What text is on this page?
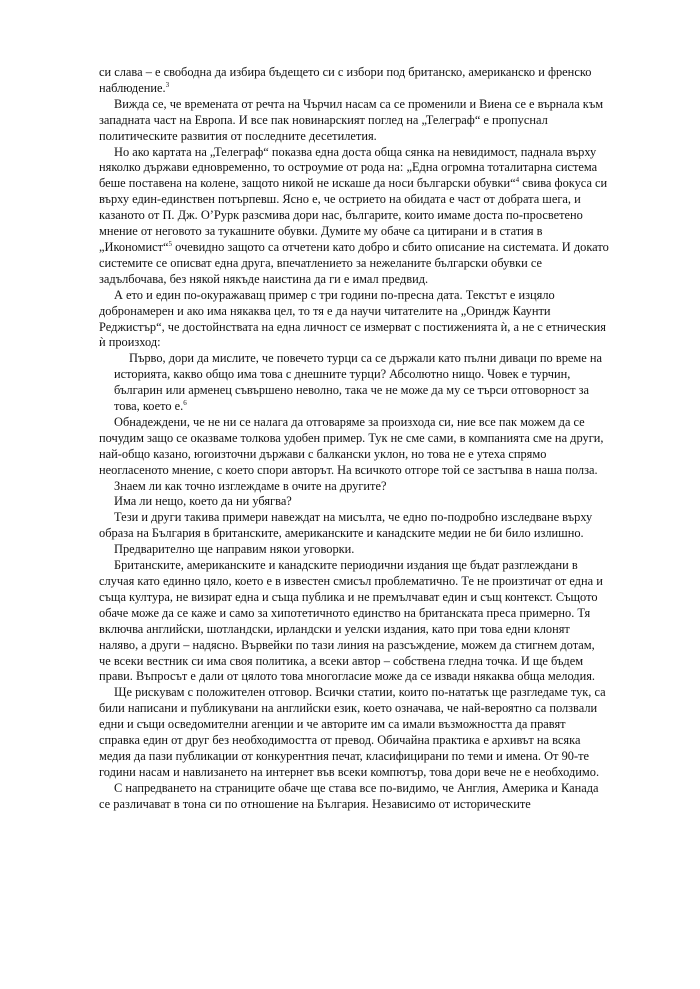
си слава – е свободна да избира бъдещето си с избори под британско, американско и френско наблюдение.$^3$

Виждa се, че времената от речта на Чърчил насам са се променили и Виена се е върнала към западната част на Европа. И все пак новинарският поглед на „Телеграф“ е пропуснал политическите развития от последните десетилетия.

Но ако картата на „Телеграф“ показва една доста обща сянка на невидимост, паднала върху няколко държави едновременно, то остроумие от рода на: „Една огромна тоталитарна система беше поставена на колене, защото никой не искаше да носи български обувки“$^4$ свива фокуса си върху един-единствен потърпевш. Ясно е, че острието на обидата е част от добрата шега, и казаното от П. Дж. О’Рурк разсмива дори нас, българите, които имаме доста по-просветено мнение от неговото за тукашните обувки. Думите му обаче са цитирани и в статия в „Икономист“$^5$ очевидно защото са отчетени като добро и сбито описание на системата. И докато системите се описват една друга, впечатлението за нежеланите български обувки се задълбочава, без някой някъде наистина да ги е имал предвид.

А ето и един по-окуражаващ пример с три години по-пресна дата. Текстът е изцяло добронамерен и ако има някаква цел, то тя е да научи читателите на „Ориндж Каунти Реджистър“, че достойнствата на една личност се измерват с постиженията ѝ, а не с етническия ѝ произход:

Първо, дори да мислите, че повечето турци са се държали като пълни диваци по време на историята, какво общо има това с днешните турци? Абсолютно нищо. Човек е турчин, българин или арменец съвършено неволно, така че не може да му се търси отговорност за това, което е.$^6$

Обнадеждени, че не ни се налага да отговаряме за произхода си, ние все пак можем да се почудим защо се оказваме толкова удобен пример. Тук не сме сами, в компанията сме на други, най-общо казано, югоизточни държави с балкански уклон, но това не е утеха спрямо неогласеното мнение, с което спори авторът. На всичкото отгоре той се застъпва в наша полза.

Знаем ли как точно изглеждаме в очите на другите?

Има ли нещо, което да ни убягва?

Тези и други такива примери навеждат на мисълта, че едно по-подробно изследване върху образа на България в британските, американските и канадските медии не би било излишно.

Предварително ще направим някои уговорки.

Британските, американските и канадските периодични издания ще бъдат разглеждани в случая като единно цяло, което е в известен смисъл проблематично. Те не произтичат от една и съща култура, не визират една и съща публика и не премълчават един и същ контекст. Същото обаче може да се каже и само за хипотетичното единство на британската преса примерно. Тя включва английски, шотландски, ирландски и уелски издания, като при това едни клонят наляво, а други – надясно. Вървейки по тази линия на разсъждение, можем да стигнем дотам, че всеки вестник си има своя политика, а всеки автор – собствена гледна точка. И ще бъдем прави. Въпросът е дали от цялото това многогласие може да се извади някаква обща мелодия.

Ще рискувам с положителен отговор. Всички статии, които по-нататък ще разгледаме тук, са били написани и публикувани на английски език, което означава, че най-вероятно са ползвали едни и същи осведомителни агенции и че авторите им са имали възможността да правят справка един от друг без необходимостта от превод. Обичайна практика е архивът на всяка медия да пази публикации от конкурентния печат, класифицирани по теми и имена. От 90-те години насам и навлизането на интернет във всеки компютър, това дори вече не е необходимо.

С напредването на страниците обаче ще става все по-видимо, че Англия, Америка и Канада се различават в тона си по отношение на България. Независимо от историческите
